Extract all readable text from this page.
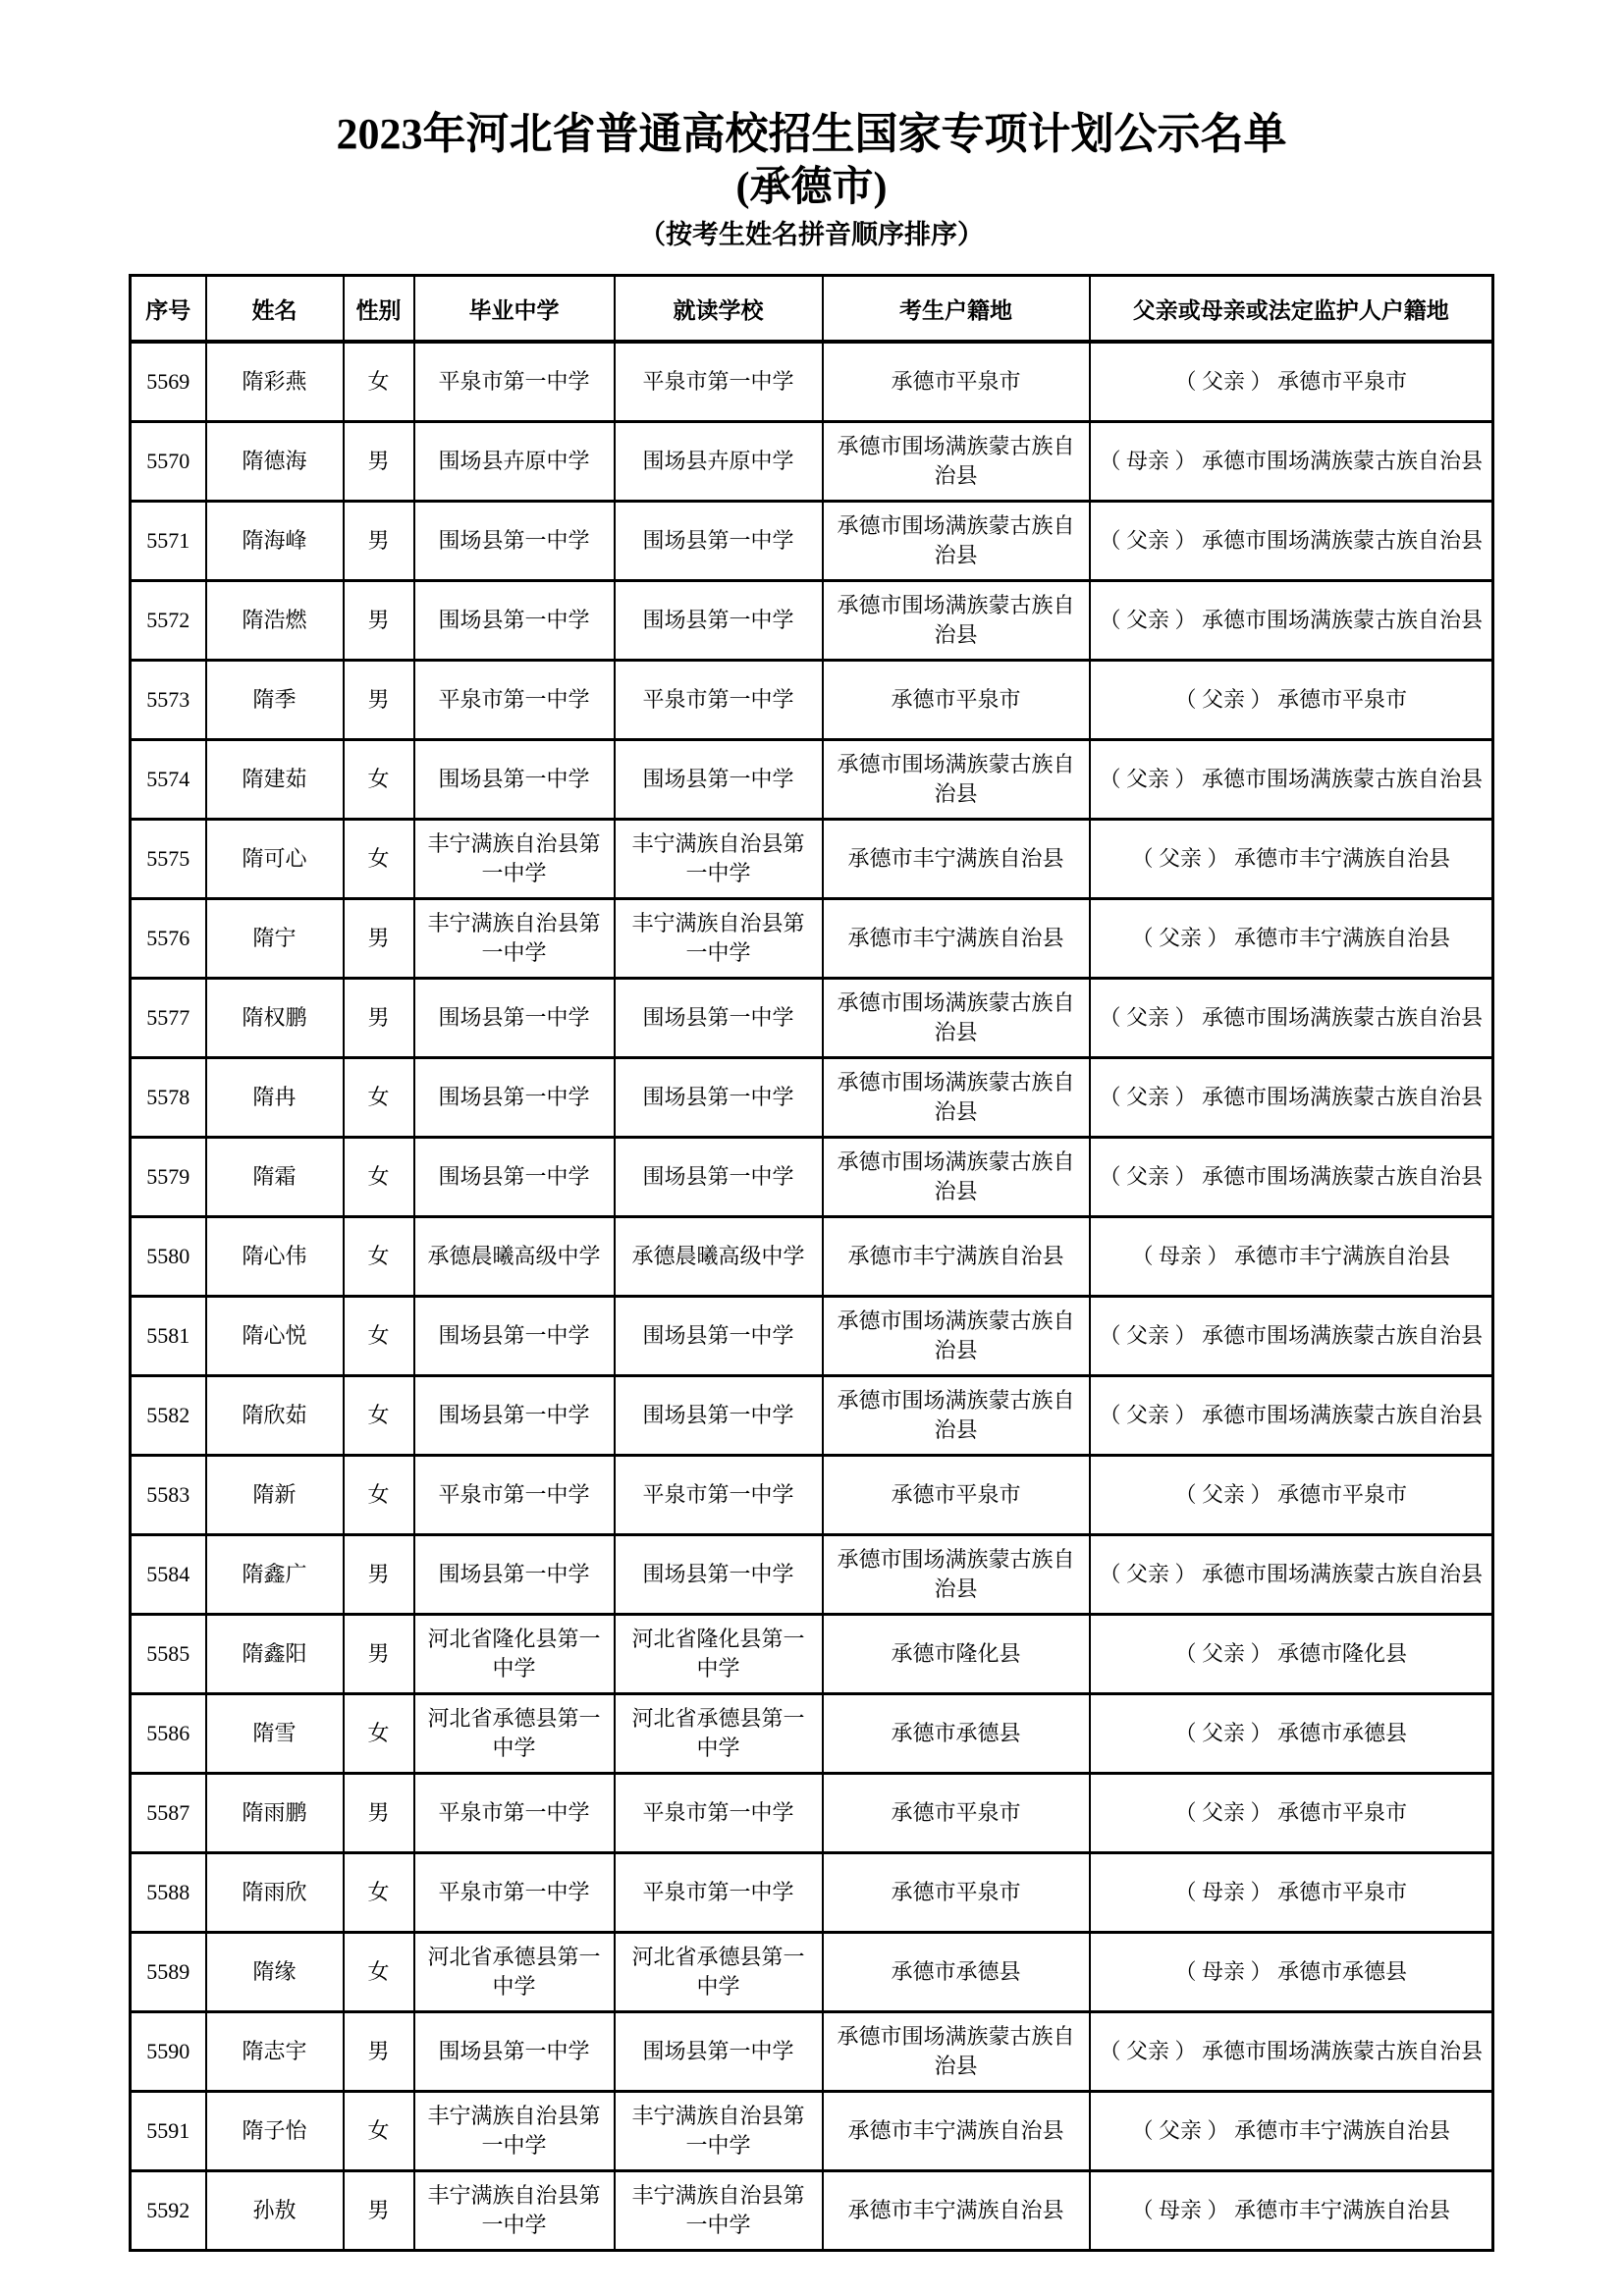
2023年河北省普通高校招生国家专项计划公示名单
(承德市)
（按考生姓名拼音顺序排序）
序号	姓名	性别	毕业中学	就读学校	考生户籍地	父亲或母亲或法定监护人户籍地
5569	隋彩燕	女	平泉市第一中学	平泉市第一中学	承德市平泉市	（ 父亲 ） 承德市平泉市
5570	隋德海	男	围场县卉原中学	围场县卉原中学	承德市围场满族蒙古族自治县	（ 母亲 ） 承德市围场满族蒙古族自治县
5571	隋海峰	男	围场县第一中学	围场县第一中学	承德市围场满族蒙古族自治县	（ 父亲 ） 承德市围场满族蒙古族自治县
5572	隋浩燃	男	围场县第一中学	围场县第一中学	承德市围场满族蒙古族自治县	（ 父亲 ） 承德市围场满族蒙古族自治县
5573	隋季	男	平泉市第一中学	平泉市第一中学	承德市平泉市	（ 父亲 ） 承德市平泉市
5574	隋建茹	女	围场县第一中学	围场县第一中学	承德市围场满族蒙古族自治县	（ 父亲 ） 承德市围场满族蒙古族自治县
5575	隋可心	女	丰宁满族自治县第一中学	丰宁满族自治县第一中学	承德市丰宁满族自治县	（ 父亲 ） 承德市丰宁满族自治县
5576	隋宁	男	丰宁满族自治县第一中学	丰宁满族自治县第一中学	承德市丰宁满族自治县	（ 父亲 ） 承德市丰宁满族自治县
5577	隋权鹏	男	围场县第一中学	围场县第一中学	承德市围场满族蒙古族自治县	（ 父亲 ） 承德市围场满族蒙古族自治县
5578	隋冉	女	围场县第一中学	围场县第一中学	承德市围场满族蒙古族自治县	（ 父亲 ） 承德市围场满族蒙古族自治县
5579	隋霜	女	围场县第一中学	围场县第一中学	承德市围场满族蒙古族自治县	（ 父亲 ） 承德市围场满族蒙古族自治县
5580	隋心伟	女	承德晨曦高级中学	承德晨曦高级中学	承德市丰宁满族自治县	（ 母亲 ） 承德市丰宁满族自治县
5581	隋心悦	女	围场县第一中学	围场县第一中学	承德市围场满族蒙古族自治县	（ 父亲 ） 承德市围场满族蒙古族自治县
5582	隋欣茹	女	围场县第一中学	围场县第一中学	承德市围场满族蒙古族自治县	（ 父亲 ） 承德市围场满族蒙古族自治县
5583	隋新	女	平泉市第一中学	平泉市第一中学	承德市平泉市	（ 父亲 ） 承德市平泉市
5584	隋鑫广	男	围场县第一中学	围场县第一中学	承德市围场满族蒙古族自治县	（ 父亲 ） 承德市围场满族蒙古族自治县
5585	隋鑫阳	男	河北省隆化县第一中学	河北省隆化县第一中学	承德市隆化县	（ 父亲 ） 承德市隆化县
5586	隋雪	女	河北省承德县第一中学	河北省承德县第一中学	承德市承德县	（ 父亲 ） 承德市承德县
5587	隋雨鹏	男	平泉市第一中学	平泉市第一中学	承德市平泉市	（ 父亲 ） 承德市平泉市
5588	隋雨欣	女	平泉市第一中学	平泉市第一中学	承德市平泉市	（ 母亲 ） 承德市平泉市
5589	隋缘	女	河北省承德县第一中学	河北省承德县第一中学	承德市承德县	（ 母亲 ） 承德市承德县
5590	隋志宇	男	围场县第一中学	围场县第一中学	承德市围场满族蒙古族自治县	（ 父亲 ） 承德市围场满族蒙古族自治县
5591	隋子怡	女	丰宁满族自治县第一中学	丰宁满族自治县第一中学	承德市丰宁满族自治县	（ 父亲 ） 承德市丰宁满族自治县
5592	孙敖	男	丰宁满族自治县第一中学	丰宁满族自治县第一中学	承德市丰宁满族自治县	（ 母亲 ） 承德市丰宁满族自治县
